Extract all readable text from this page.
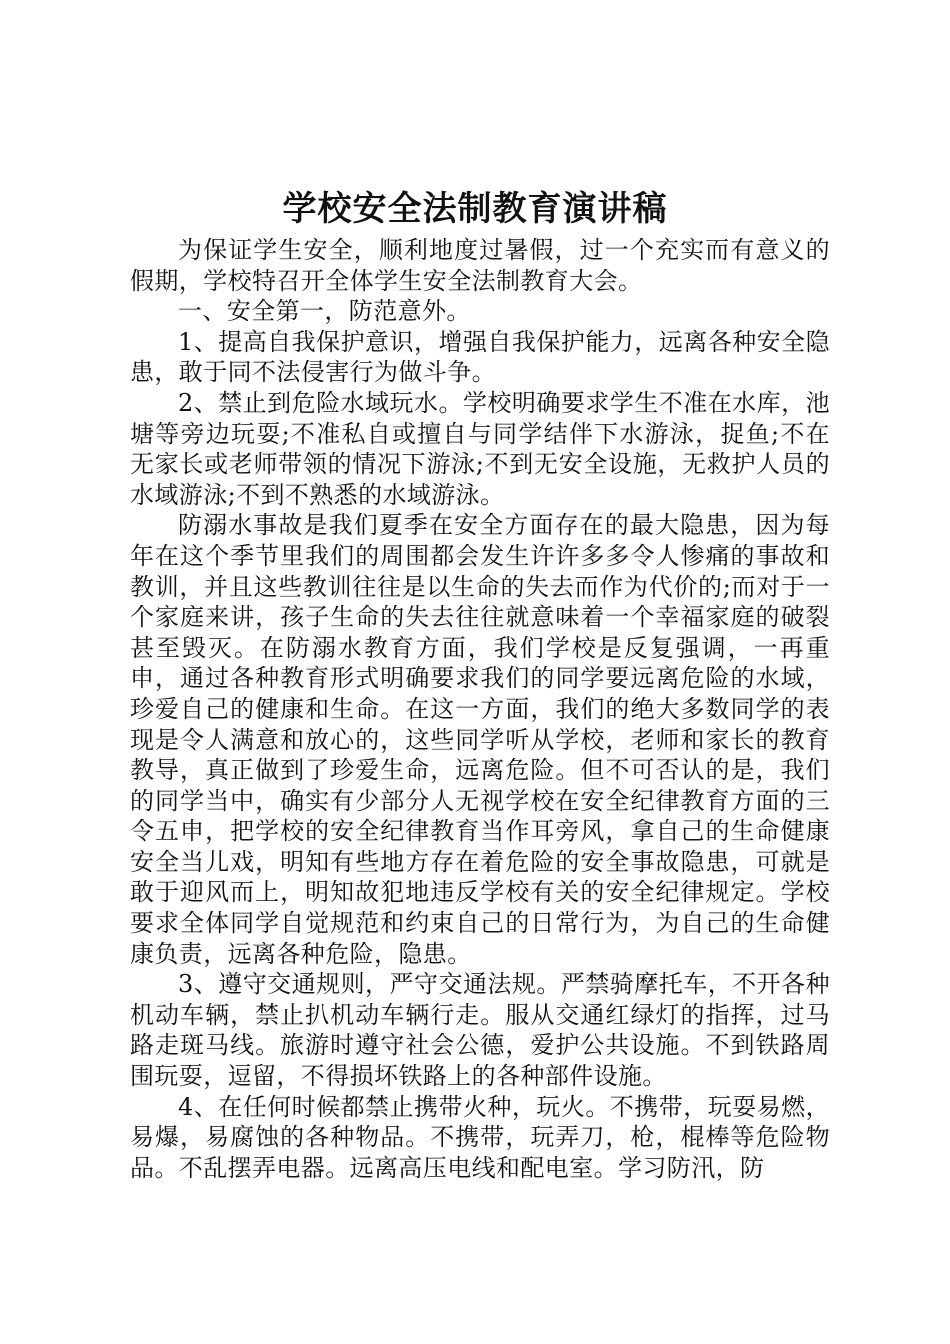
学校安全法制教育演讲稿

为保证学生安全，顺利地度过暑假，过一个充实而有意义的假期，学校特召开全体学生安全法制教育大会。

一、安全第一，防范意外。

1、提高自我保护意识，增强自我保护能力，远离各种安全隐患，敢于同不法侵害行为做斗争。

2、禁止到危险水域玩水。学校明确要求学生不准在水库，池塘等旁边玩耍;不准私自或擅自与同学结伴下水游泳，捉鱼;不在无家长或老师带领的情况下游泳;不到无安全设施，无救护人员的水域游泳;不到不熟悉的水域游泳。

防溺水事故是我们夏季在安全方面存在的最大隐患，因为每年在这个季节里我们的周围都会发生许许多多令人惨痛的事故和教训，并且这些教训往往是以生命的失去而作为代价的;而对于一个家庭来讲，孩子生命的失去往往就意味着一个幸福家庭的破裂甚至毁灭。在防溺水教育方面，我们学校是反复强调，一再重申，通过各种教育形式明确要求我们的同学要远离危险的水域，珍爱自己的健康和生命。在这一方面，我们的绝大多数同学的表现是令人满意和放心的，这些同学听从学校，老师和家长的教育教导，真正做到了珍爱生命，远离危险。但不可否认的是，我们的同学当中，确实有少部分人无视学校在安全纪律教育方面的三令五申，把学校的安全纪律教育当作耳旁风，拿自己的生命健康安全当儿戏，明知有些地方存在着危险的安全事故隐患，可就是敢于迎风而上，明知故犯地违反学校有关的安全纪律规定。学校要求全体同学自觉规范和约束自己的日常行为，为自己的生命健康负责，远离各种危险，隐患。

3、遵守交通规则，严守交通法规。严禁骑摩托车，不开各种机动车辆，禁止扒机动车辆行走。服从交通红绿灯的指挥，过马路走斑马线。旅游时遵守社会公德，爱护公共设施。不到铁路周围玩耍，逗留，不得损坏铁路上的各种部件设施。

4、在任何时候都禁止携带火种，玩火。不携带，玩耍易燃，易爆，易腐蚀的各种物品。不携带，玩弄刀，枪，棍棒等危险物品。不乱摆弄电器。远离高压电线和配电室。学习防汛，防
